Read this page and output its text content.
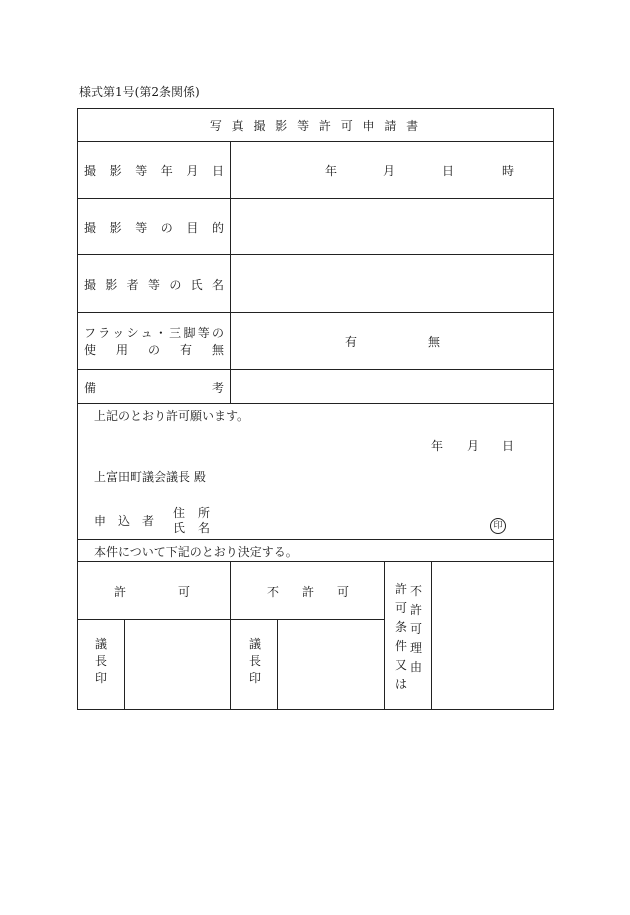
様式第1号(第2条関係)
写 真 撮 影 等 許 可 申 請 書
撮 影 等 年 月 日	年	月	日	時
撮 影 等 の 目 的
撮 影 者 等 の 氏 名
フラッシュ・三脚等の
使 用 の 有 無
有	無
備 考
上記のとおり許可願います。
年 月 日
上富田町議会議長 殿
申 込 者
住 所
氏 名	印
本件について下記のとおり決定する。
許 可	不 許 可
議
長
印
議
長
印
許
可
条
件
又
は
不
許
可
理
由
